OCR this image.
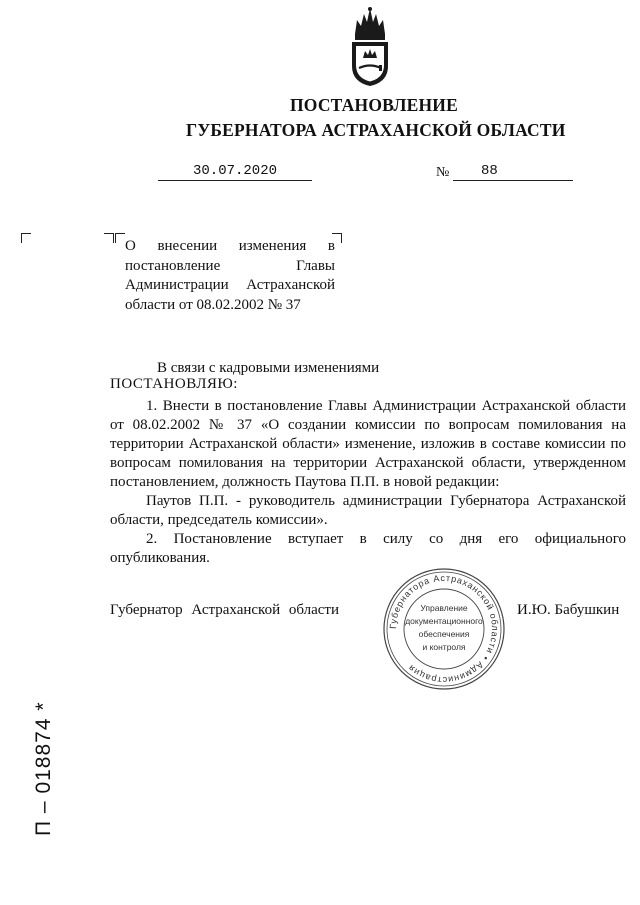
ПОСТАНОВЛЕНИЕ
ГУБЕРНАТОРА АСТРАХАНСКОЙ ОБЛАСТИ
30.07.2020	№	88
О внесении изменения в постановление Главы Администрации Астраханской области от 08.02.2002 № 37
В связи с кадровыми изменениями
ПОСТАНОВЛЯЮ:

1. Внести в постановление Главы Администрации Астраханской области от 08.02.2002 № 37 «О создании комиссии по вопросам помилования на территории Астраханской области» изменение, изложив в составе комиссии по вопросам помилования на территории Астраханской области, утвержденном постановлением, должность Паутова П.П. в новой редакции:

Паутов П.П. - руководитель администрации Губернатора Астраханской области, председатель комиссии».

2. Постановление вступает в силу со дня его официального опубликования.

Губернатор Астраханской области	И.Ю. Бабушкин
Губернатора Астраханской области • Администрация
Управление
документационного
обеспечения
и контроля
П – 018874 *
